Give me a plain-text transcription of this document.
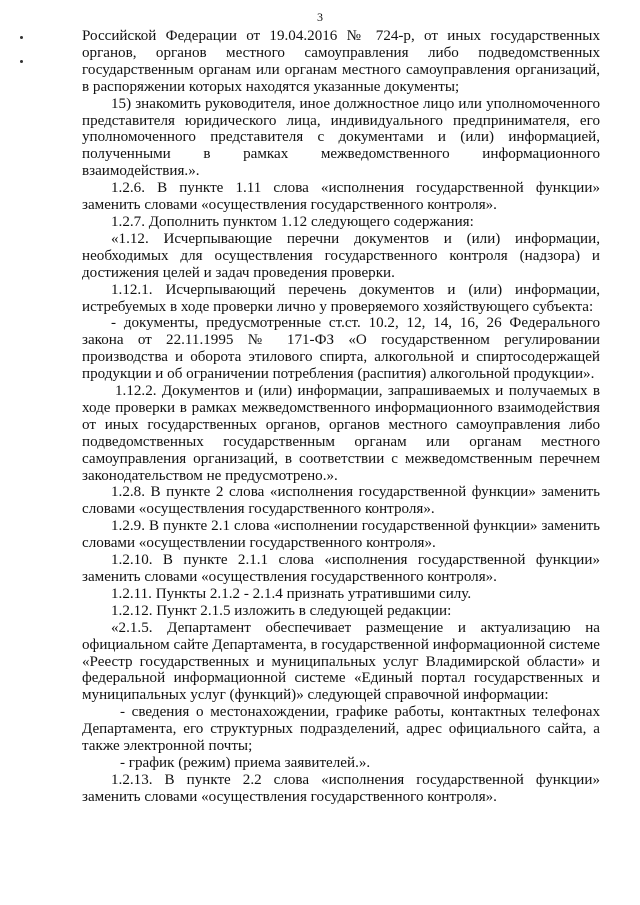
3

Российской Федерации от 19.04.2016 № 724-р, от иных государственных органов, органов местного самоуправления либо подведомственных государственным органам или органам местного самоуправления организаций, в распоряжении которых находятся указанные документы;

15) знакомить руководителя, иное должностное лицо или уполномоченного представителя юридического лица, индивидуального предпринимателя, его уполномоченного представителя с документами и (или) информацией, полученными в рамках межведомственного информационного взаимодействия.».

1.2.6. В пункте 1.11 слова «исполнения государственной функции» заменить словами «осуществления государственного контроля».

1.2.7. Дополнить пунктом 1.12 следующего содержания:

«1.12. Исчерпывающие перечни документов и (или) информации, необходимых для осуществления государственного контроля (надзора) и достижения целей и задач проведения проверки.

1.12.1. Исчерпывающий перечень документов и (или) информации, истребуемых в ходе проверки лично у проверяемого хозяйствующего субъекта:

- документы, предусмотренные ст.ст. 10.2, 12, 14, 16, 26 Федерального закона от 22.11.1995 № 171-ФЗ «О государственном регулировании производства и оборота этилового спирта, алкогольной и спиртосодержащей продукции и об ограничении потребления (распития) алкогольной продукции».

1.12.2. Документов и (или) информации, запрашиваемых и получаемых в ходе проверки в рамках межведомственного информационного взаимодействия от иных государственных органов, органов местного самоуправления либо подведомственных государственным органам или органам местного самоуправления организаций, в соответствии с межведомственным перечнем законодательством не предусмотрено.».

1.2.8. В пункте 2 слова «исполнения государственной функции» заменить словами «осуществления государственного контроля».

1.2.9. В пункте 2.1 слова «исполнении государственной функции» заменить словами «осуществлении государственного контроля».

1.2.10. В пункте 2.1.1 слова «исполнения государственной функции» заменить словами «осуществления государственного контроля».

1.2.11. Пункты 2.1.2 - 2.1.4 признать утратившими силу.

1.2.12. Пункт 2.1.5 изложить в следующей редакции:

«2.1.5. Департамент обеспечивает размещение и актуализацию на официальном сайте Департамента, в государственной информационной системе «Реестр государственных и муниципальных услуг Владимирской области» и федеральной информационной системе «Единый портал государственных и муниципальных услуг (функций)» следующей справочной информации:

- сведения о местонахождении, графике работы, контактных телефонах Департамента, его структурных подразделений, адрес официального сайта, а также электронной почты;

- график (режим) приема заявителей.».

1.2.13. В пункте 2.2 слова «исполнения государственной функции» заменить словами «осуществления государственного контроля».
